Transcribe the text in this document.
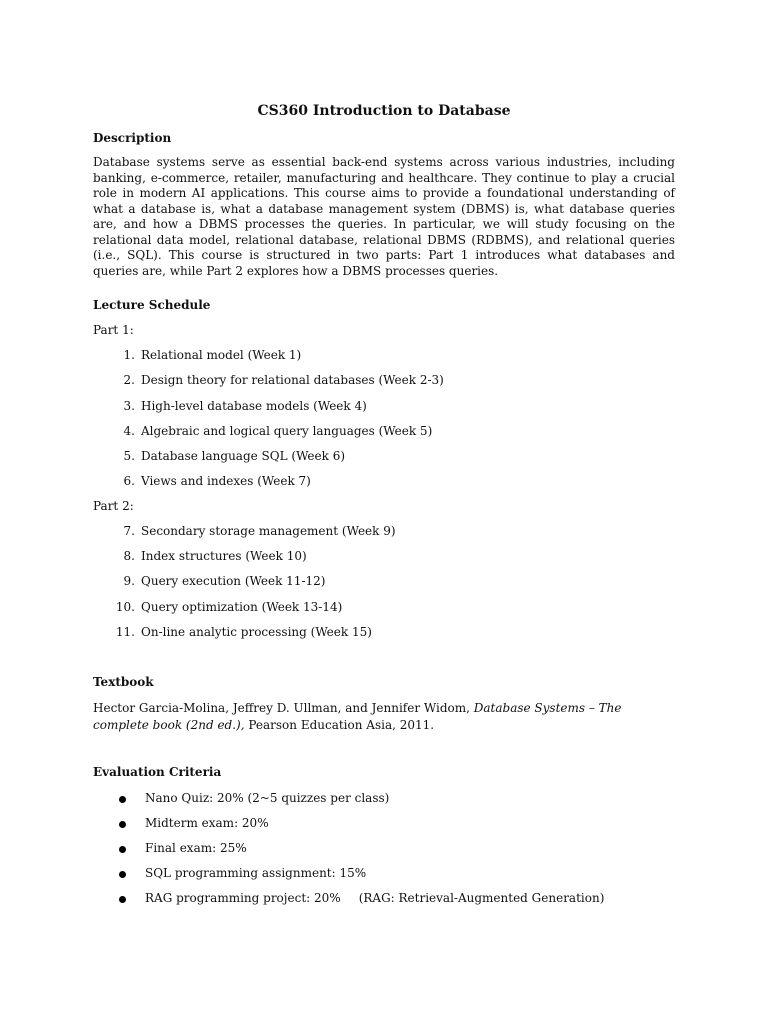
CS360 Introduction to Database
Description

Database systems serve as essential back-end systems across various industries, including banking, e-commerce, retailer, manufacturing and healthcare. They continue to play a crucial role in modern AI applications. This course aims to provide a foundational understanding of what a database is, what a database management system (DBMS) is, what database queries are, and how a DBMS processes the queries. In particular, we will study focusing on the relational data model, relational database, relational DBMS (RDBMS), and relational queries (i.e., SQL). This course is structured in two parts: Part 1 introduces what databases and queries are, while Part 2 explores how a DBMS processes queries.

Lecture Schedule
Part 1:
1. Relational model (Week 1)
2. Design theory for relational databases (Week 2-3)
3. High-level database models (Week 4)
4. Algebraic and logical query languages (Week 5)
5. Database language SQL (Week 6)
6. Views and indexes (Week 7)
Part 2:
7. Secondary storage management (Week 9)
8. Index structures (Week 10)
9. Query execution (Week 11-12)
10. Query optimization (Week 13-14)
11. On-line analytic processing (Week 15)
Textbook

Hector Garcia-Molina, Jeffrey D. Ullman, and Jennifer Widom, Database Systems – The complete book (2nd ed.), Pearson Education Asia, 2011.

Evaluation Criteria
Nano Quiz: 20% (2~5 quizzes per class)
Midterm exam: 20%
Final exam: 25%
SQL programming assignment: 15%
RAG programming project: 20% (RAG: Retrieval-Augmented Generation)
